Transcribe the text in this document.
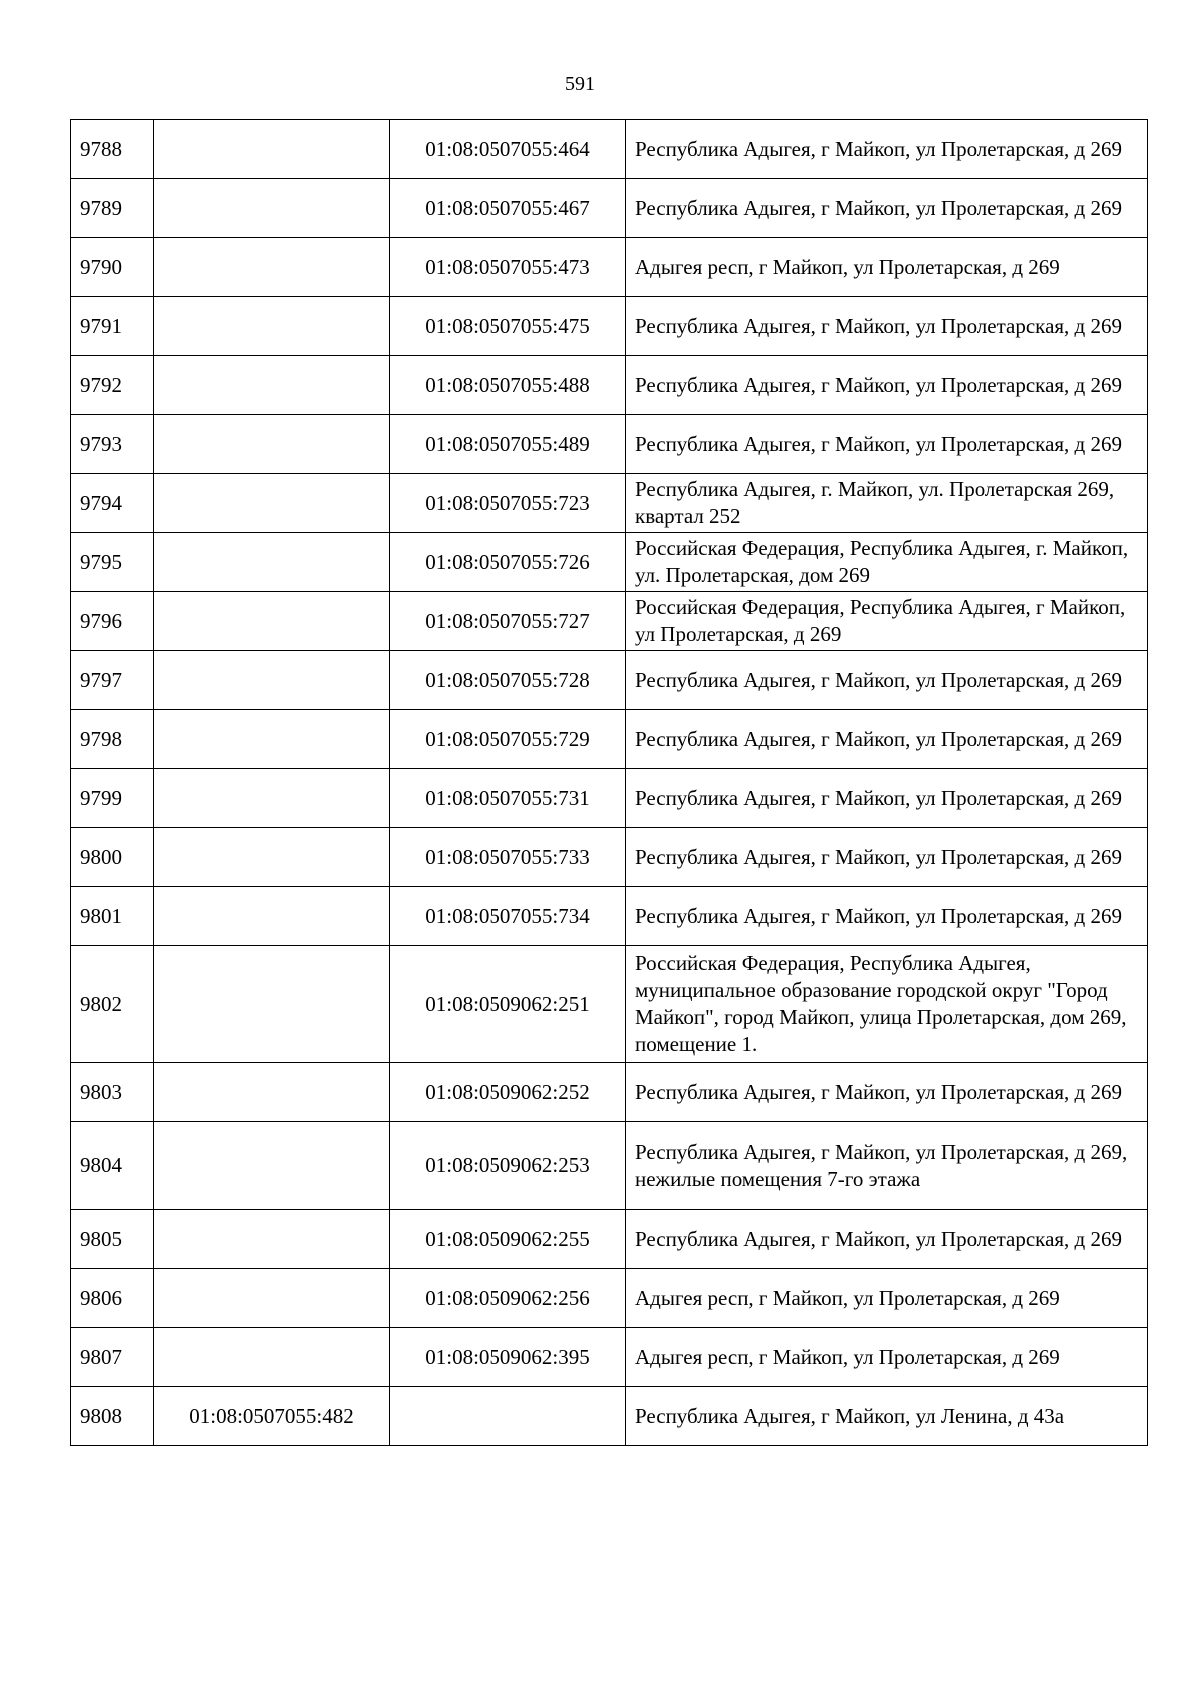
591
9788		01:08:0507055:464	Республика Адыгея, г Майкоп, ул Пролетарская, д 269
9789		01:08:0507055:467	Республика Адыгея, г Майкоп, ул Пролетарская, д 269
9790		01:08:0507055:473	Адыгея респ, г Майкоп, ул Пролетарская, д 269
9791		01:08:0507055:475	Республика Адыгея, г Майкоп, ул Пролетарская, д 269
9792		01:08:0507055:488	Республика Адыгея, г Майкоп, ул Пролетарская, д 269
9793		01:08:0507055:489	Республика Адыгея, г Майкоп, ул Пролетарская, д 269
9794		01:08:0507055:723	Республика Адыгея, г. Майкоп, ул. Пролетарская 269, квартал 252
9795		01:08:0507055:726	Российская Федерация, Республика Адыгея, г. Майкоп, ул. Пролетарская, дом 269
9796		01:08:0507055:727	Российская Федерация, Республика Адыгея, г Майкоп, ул Пролетарская, д 269
9797		01:08:0507055:728	Республика Адыгея, г Майкоп, ул Пролетарская, д 269
9798		01:08:0507055:729	Республика Адыгея, г Майкоп, ул Пролетарская, д 269
9799		01:08:0507055:731	Республика Адыгея, г Майкоп, ул Пролетарская, д 269
9800		01:08:0507055:733	Республика Адыгея, г Майкоп, ул Пролетарская, д 269
9801		01:08:0507055:734	Республика Адыгея, г Майкоп, ул Пролетарская, д 269
9802		01:08:0509062:251	Российская Федерация, Республика Адыгея, муниципальное образование городской округ "Город Майкоп", город Майкоп, улица Пролетарская, дом 269, помещение 1.
9803		01:08:0509062:252	Республика Адыгея, г Майкоп, ул Пролетарская, д 269
9804		01:08:0509062:253	Республика Адыгея, г Майкоп, ул Пролетарская, д 269, нежилые помещения 7-го этажа
9805		01:08:0509062:255	Республика Адыгея, г Майкоп, ул Пролетарская, д 269
9806		01:08:0509062:256	Адыгея респ, г Майкоп, ул Пролетарская, д 269
9807		01:08:0509062:395	Адыгея респ, г Майкоп, ул Пролетарская, д 269
9808	01:08:0507055:482		Республика Адыгея, г Майкоп, ул Ленина, д 43а
